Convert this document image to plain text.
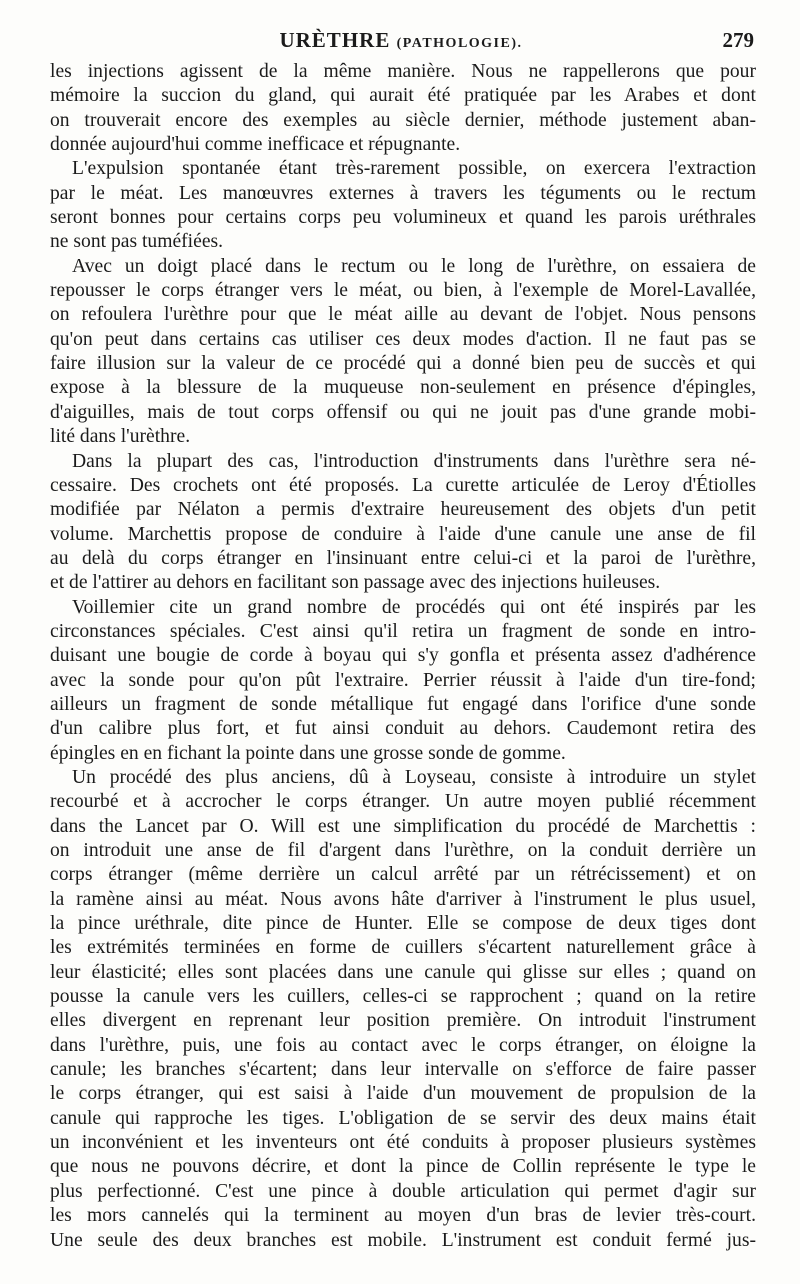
URÈTHRE (PATHOLOGIE).	279
les injections agissent de la même manière. Nous ne rappellerons que pour
mémoire la succion du gland, qui aurait été pratiquée par les Arabes et dont
on trouverait encore des exemples au siècle dernier, méthode justement aban-
donnée aujourd'hui comme inefficace et répugnante.
L'expulsion spontanée étant très-rarement possible, on exercera l'extraction
par le méat. Les manœuvres externes à travers les téguments ou le rectum
seront bonnes pour certains corps peu volumineux et quand les parois uréthrales
ne sont pas tuméfiées.
Avec un doigt placé dans le rectum ou le long de l'urèthre, on essaiera de
repousser le corps étranger vers le méat, ou bien, à l'exemple de Morel-Lavallée,
on refoulera l'urèthre pour que le méat aille au devant de l'objet. Nous pensons
qu'on peut dans certains cas utiliser ces deux modes d'action. Il ne faut pas se
faire illusion sur la valeur de ce procédé qui a donné bien peu de succès et qui
expose à la blessure de la muqueuse non-seulement en présence d'épingles,
d'aiguilles, mais de tout corps offensif ou qui ne jouit pas d'une grande mobi-
lité dans l'urèthre.
Dans la plupart des cas, l'introduction d'instruments dans l'urèthre sera né-
cessaire. Des crochets ont été proposés. La curette articulée de Leroy d'Étiolles
modifiée par Nélaton a permis d'extraire heureusement des objets d'un petit
volume. Marchettis propose de conduire à l'aide d'une canule une anse de fil
au delà du corps étranger en l'insinuant entre celui-ci et la paroi de l'urèthre,
et de l'attirer au dehors en facilitant son passage avec des injections huileuses.
Voillemier cite un grand nombre de procédés qui ont été inspirés par les
circonstances spéciales. C'est ainsi qu'il retira un fragment de sonde en intro-
duisant une bougie de corde à boyau qui s'y gonfla et présenta assez d'adhérence
avec la sonde pour qu'on pût l'extraire. Perrier réussit à l'aide d'un tire-fond;
ailleurs un fragment de sonde métallique fut engagé dans l'orifice d'une sonde
d'un calibre plus fort, et fut ainsi conduit au dehors. Caudemont retira des
épingles en en fichant la pointe dans une grosse sonde de gomme.
Un procédé des plus anciens, dû à Loyseau, consiste à introduire un stylet
recourbé et à accrocher le corps étranger. Un autre moyen publié récemment
dans the Lancet par O. Will est une simplification du procédé de Marchettis :
on introduit une anse de fil d'argent dans l'urèthre, on la conduit derrière un
corps étranger (même derrière un calcul arrêté par un rétrécissement) et on
la ramène ainsi au méat. Nous avons hâte d'arriver à l'instrument le plus usuel,
la pince uréthrale, dite pince de Hunter. Elle se compose de deux tiges dont
les extrémités terminées en forme de cuillers s'écartent naturellement grâce à
leur élasticité; elles sont placées dans une canule qui glisse sur elles ; quand on
pousse la canule vers les cuillers, celles-ci se rapprochent ; quand on la retire
elles divergent en reprenant leur position première. On introduit l'instrument
dans l'urèthre, puis, une fois au contact avec le corps étranger, on éloigne la
canule; les branches s'écartent; dans leur intervalle on s'efforce de faire passer
le corps étranger, qui est saisi à l'aide d'un mouvement de propulsion de la
canule qui rapproche les tiges. L'obligation de se servir des deux mains était
un inconvénient et les inventeurs ont été conduits à proposer plusieurs systèmes
que nous ne pouvons décrire, et dont la pince de Collin représente le type le
plus perfectionné. C'est une pince à double articulation qui permet d'agir sur
les mors cannelés qui la terminent au moyen d'un bras de levier très-court.
Une seule des deux branches est mobile. L'instrument est conduit fermé jus-
